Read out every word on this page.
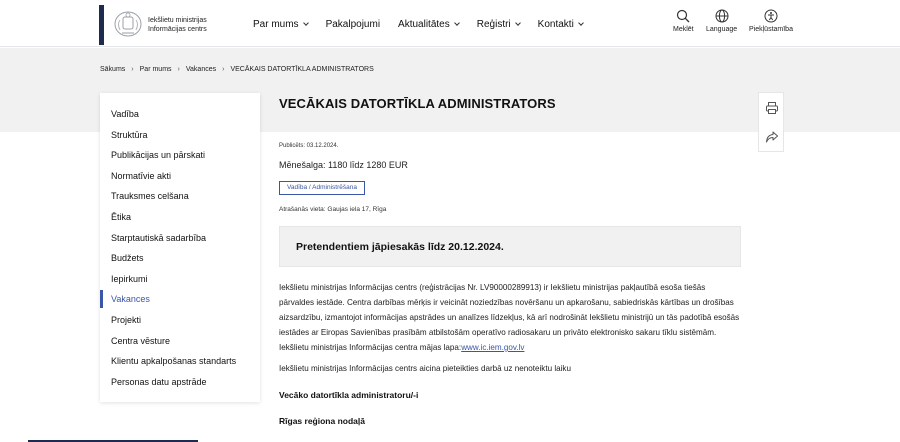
Iekšlietu ministrijas
Informācijas centrs	Par mums	Pakalpojumi Aktualitātes	Reģistri	Kontakti	Meklēt Language Piekļūstamība
Sākums › Par mums › Vakances › VECĀKAIS DATORTĪKLA ADMINISTRATORS
Vadība
Struktūra
Publikācijas un pārskati
Normatīvie akti
Trauksmes celšana
Ētika
Starptautiskā sadarbība
Budžets
Iepirkumi
Vakances
Projekti
Centra vēsture
Klientu apkalpošanas standarts
Personas datu apstrāde
VECĀKAIS DATORTĪKLA ADMINISTRATORS
Publicēts: 03.12.2024.
Mēnešalga: 1180 līdz 1280 EUR
Vadība / Administrēšana
Atrašanās vieta: Gaujas iela 17, Rīga
Pretendentiem jāpiesakās līdz 20.12.2024.

Iekšlietu ministrijas Informācijas centrs (reģistrācijas Nr. LV90000289913) ir Iekšlietu ministrijas pakļautībā esoša tiešās pārvaldes iestāde. Centra darbības mērķis ir veicināt noziedzības novēršanu un apkarošanu, sabiedriskās kārtības un drošības aizsardzību, izmantojot informācijas apstrādes un analīzes līdzekļus, kā arī nodrošināt Iekšlietu ministrijū un tās padotībā esošās iestādes ar Eiropas Savienības prasībām atbilstošām operatīvo radiosakaru un privāto elektronisko sakaru tīklu sistēmām. Iekšlietu ministrijas Informācijas centra mājas lapa:www.ic.iem.gov.lv

Iekšlietu ministrijas Informācijas centrs aicina pieteikties darbā uz nenoteiktu laiku
Vecāko datortīkla administratoru/-i
Rīgas reģiona nodaļā
